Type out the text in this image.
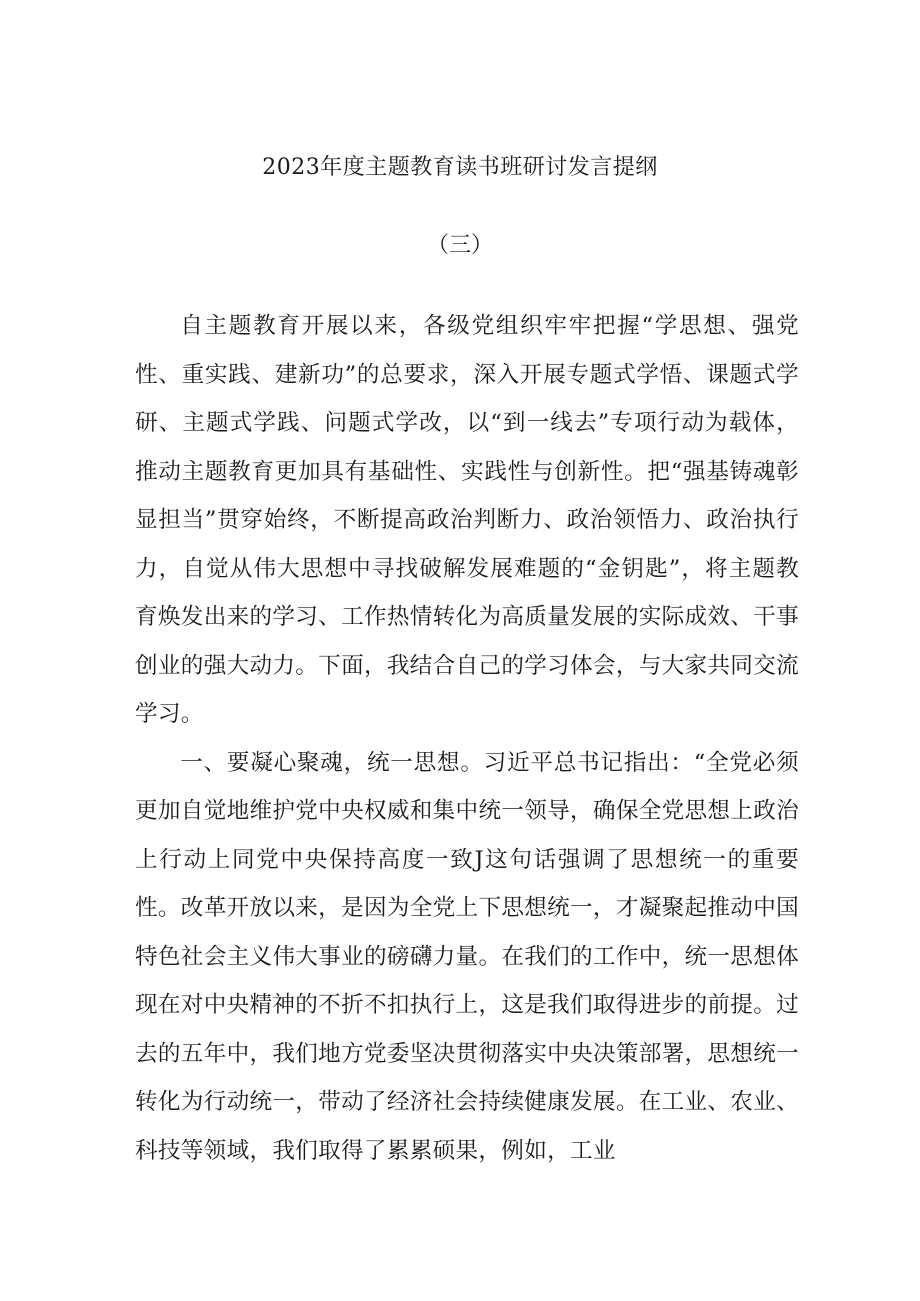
2023年度主题教育读书班研讨发言提纲
（三）

自主题教育开展以来，各级党组织牢牢把握“学思想、强党性、重实践、建新功”的总要求，深入开展专题式学悟、课题式学研、主题式学践、问题式学改，以“到一线去”专项行动为载体，推动主题教育更加具有基础性、实践性与创新性。把“强基铸魂彰显担当”贯穿始终，不断提高政治判断力、政治领悟力、政治执行力，自觉从伟大思想中寻找破解发展难题的“金钥匙”，将主题教育焕发出来的学习、工作热情转化为高质量发展的实际成效、干事创业的强大动力。下面，我结合自己的学习体会，与大家共同交流学习。

一、要凝心聚魂，统一思想。习近平总书记指出：“全党必须更加自觉地维护党中央权威和集中统一领导，确保全党思想上政治上行动上同党中央保持高度一致J这句话强调了思想统一的重要性。改革开放以来，是因为全党上下思想统一，才凝聚起推动中国特色社会主义伟大事业的磅礴力量。在我们的工作中，统一思想体现在对中央精神的不折不扣执行上，这是我们取得进步的前提。过去的五年中，我们地方党委坚决贯彻落实中央决策部署，思想统一转化为行动统一，带动了经济社会持续健康发展。在工业、农业、科技等领域，我们取得了累累硕果，例如，工业
